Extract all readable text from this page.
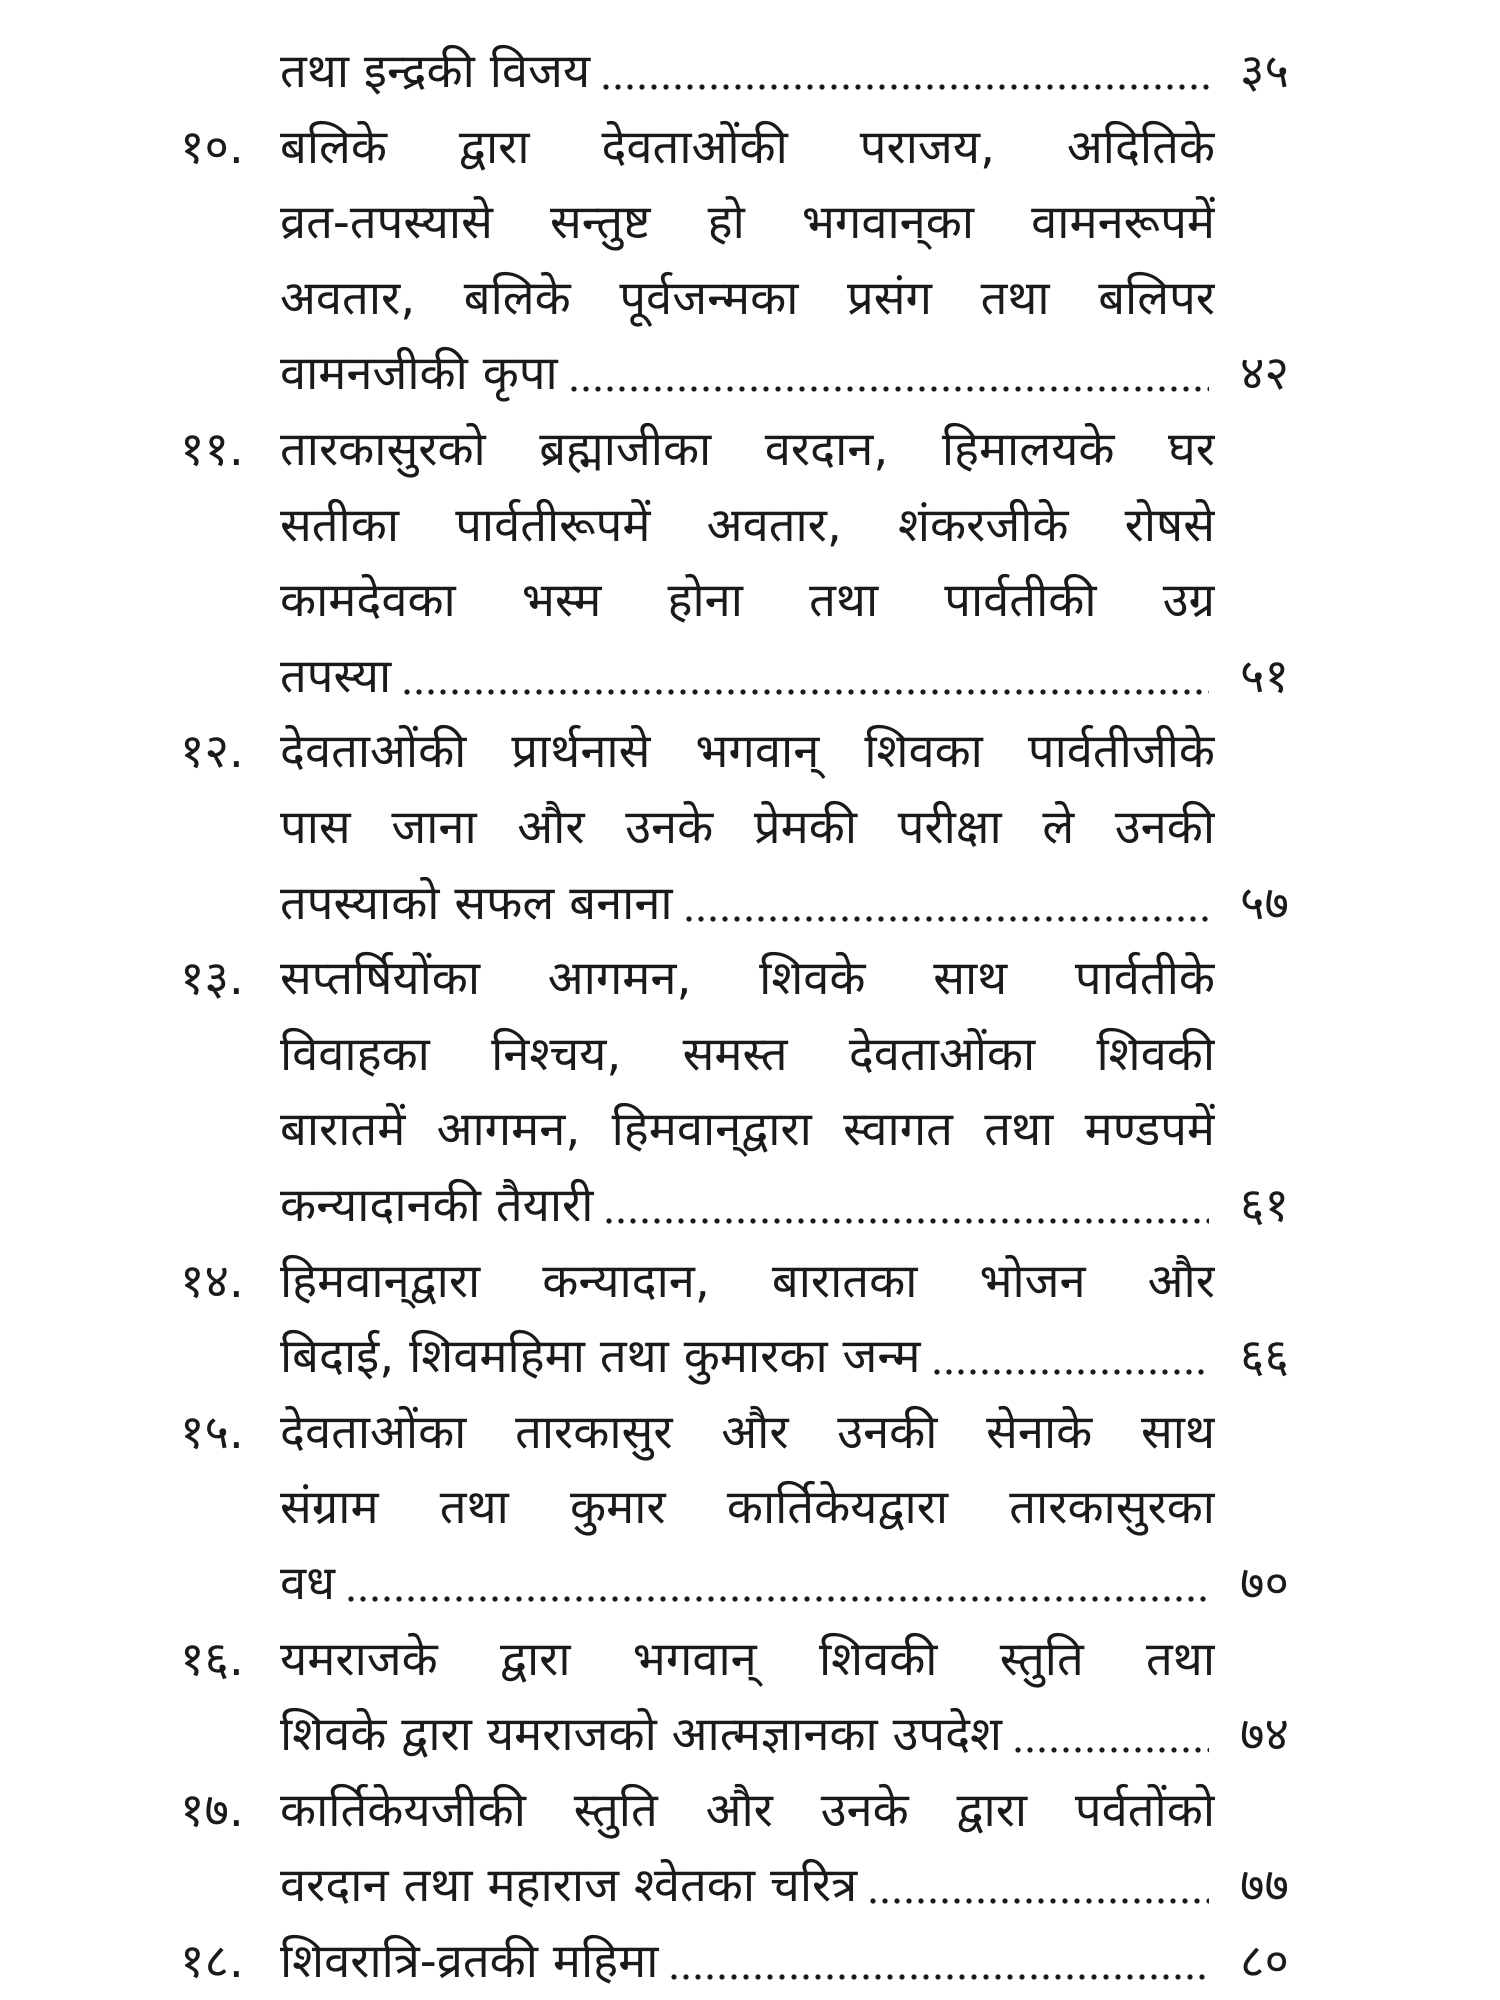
तथा इन्द्रकी विजय	३५
१०. बलिके द्वारा देवताओंकी पराजय, अदितिके
व्रत-तपस्यासे सन्तुष्ट हो भगवान्‌का वामनरूपमें
अवतार, बलिके पूर्वजन्मका प्रसंग तथा बलिपर
वामनजीकी कृपा	४२
११. तारकासुरको ब्रह्माजीका वरदान, हिमालयके घर
सतीका पार्वतीरूपमें अवतार, शंकरजीके रोषसे
कामदेवका भस्म होना तथा पार्वतीकी उग्र
तपस्या	५१
१२. देवताओंकी प्रार्थनासे भगवान् शिवका पार्वतीजीके
पास जाना और उनके प्रेमकी परीक्षा ले उनकी
तपस्याको सफल बनाना	५७
१३. सप्तर्षियोंका आगमन, शिवके साथ पार्वतीके
विवाहका निश्चय, समस्त देवताओंका शिवकी
बारातमें आगमन, हिमवान्‌द्वारा स्वागत तथा मण्डपमें
कन्यादानकी तैयारी	६१
१४. हिमवान्‌द्वारा कन्यादान, बारातका भोजन और
बिदाई, शिवमहिमा तथा कुमारका जन्म	६६
१५. देवताओंका तारकासुर और उनकी सेनाके साथ
संग्राम तथा कुमार कार्तिकेयद्वारा तारकासुरका
वध	७०
१६. यमराजके द्वारा भगवान् शिवकी स्तुति तथा
शिवके द्वारा यमराजको आत्मज्ञानका उपदेश	७४
१७. कार्तिकेयजीकी स्तुति और उनके द्वारा पर्वतोंको
वरदान तथा महाराज श्वेतका चरित्र	७७
१८. शिवरात्रि-व्रतकी महिमा	८०
